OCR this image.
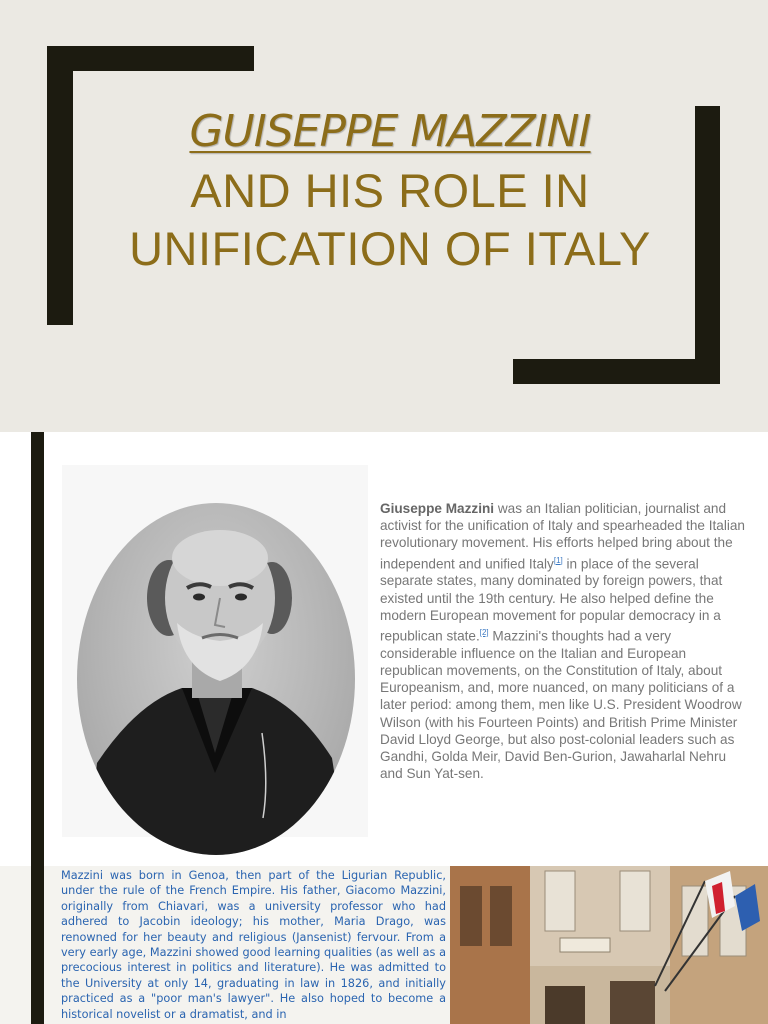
GUISEPPE MAZZINI
AND HIS ROLE IN
UNIFICATION OF ITALY
Giuseppe Mazzini was an Italian politician, journalist and activist for the unification of Italy and spearheaded the Italian revolutionary movement. His efforts helped bring about the independent and unified Italy[1] in place of the several separate states, many dominated by foreign powers, that existed until the 19th century. He also helped define the modern European movement for popular democracy in a republican state.[2] Mazzini's thoughts had a very considerable influence on the Italian and European republican movements, on the Constitution of Italy, about Europeanism, and, more nuanced, on many politicians of a later period: among them, men like U.S. President Woodrow Wilson (with his Fourteen Points) and British Prime Minister David Lloyd George, but also post-colonial leaders such as Gandhi, Golda Meir, David Ben-Gurion, Jawaharlal Nehru and Sun Yat-sen.
Mazzini was born in Genoa, then part of the Ligurian Republic, under the rule of the French Empire. His father, Giacomo Mazzini, originally from Chiavari, was a university professor who had adhered to Jacobin ideology; his mother, Maria Drago, was renowned for her beauty and religious (Jansenist) fervour. From a very early age, Mazzini showed good learning qualities (as well as a precocious interest in politics and literature). He was admitted to the University at only 14, graduating in law in 1826, and initially practiced as a "poor man's lawyer". He also hoped to become a historical novelist or a dramatist, and in
